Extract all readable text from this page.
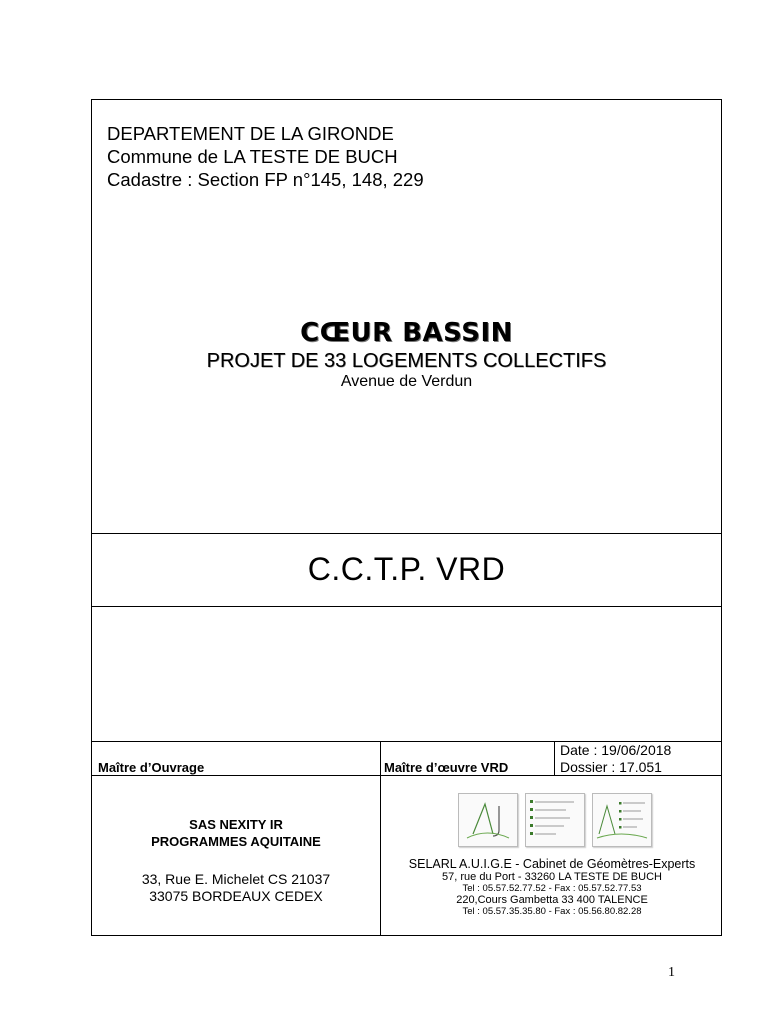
DEPARTEMENT DE LA GIRONDE
Commune de LA TESTE DE BUCH
Cadastre : Section FP n°145, 148, 229
CŒUR BASSIN
PROJET DE 33 LOGEMENTS COLLECTIFS
Avenue de Verdun
C.C.T.P. VRD
Maître d’Ouvrage	Maître d’œuvre VRD
Date : 19/06/2018
Dossier : 17.051
SAS NEXITY IR
PROGRAMMES AQUITAINE
33, Rue E. Michelet CS 21037
33075 BORDEAUX CEDEX
SELARL A.U.I.G.E - Cabinet de Géomètres-Experts
57, rue du Port - 33260 LA TESTE DE BUCH
Tel : 05.57.52.77.52 - Fax : 05.57.52.77.53
220,Cours Gambetta 33 400 TALENCE
Tel : 05.57.35.35.80 - Fax : 05.56.80.82.28
1
